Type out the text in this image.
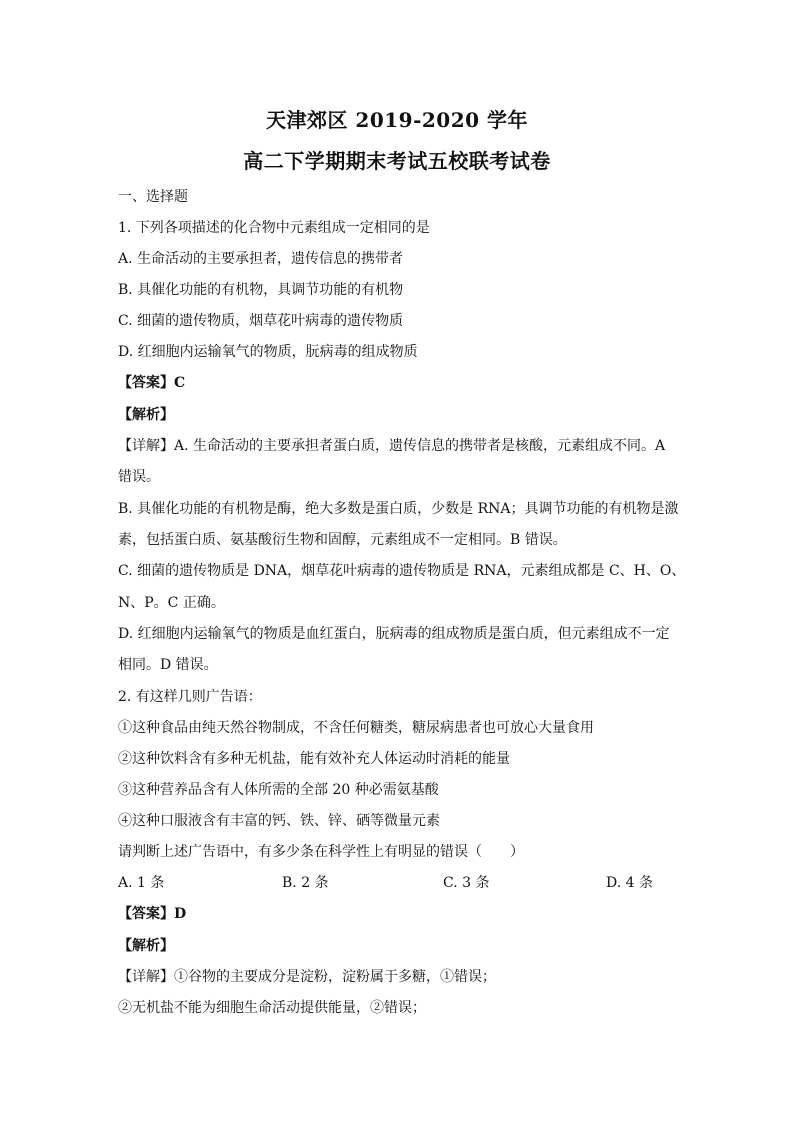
天津郊区 2019-2020 学年
高二下学期期末考试五校联考试卷
一、选择题
1. 下列各项描述的化合物中元素组成一定相同的是
A. 生命活动的主要承担者，遗传信息的携带者
B. 具催化功能的有机物，具调节功能的有机物
C. 细菌的遗传物质，烟草花叶病毒的遗传物质
D. 红细胞内运输氧气的物质，朊病毒的组成物质
【答案】C
【解析】
【详解】A. 生命活动的主要承担者蛋白质，遗传信息的携带者是核酸，元素组成不同。A
错误。
B. 具催化功能的有机物是酶，绝大多数是蛋白质，少数是 RNA；具调节功能的有机物是激
素，包括蛋白质、氨基酸衍生物和固醇，元素组成不一定相同。B 错误。
C. 细菌的遗传物质是 DNA，烟草花叶病毒的遗传物质是 RNA，元素组成都是 C、H、O、
N、P。C 正确。
D. 红细胞内运输氧气的物质是血红蛋白，朊病毒的组成物质是蛋白质，但元素组成不一定
相同。D 错误。
2. 有这样几则广告语：
①这种食品由纯天然谷物制成，不含任何糖类，糖尿病患者也可放心大量食用
②这种饮料含有多种无机盐，能有效补充人体运动时消耗的能量
③这种营养品含有人体所需的全部 20 种必需氨基酸
④这种口服液含有丰富的钙、铁、锌、硒等微量元素
请判断上述广告语中，有多少条在科学性上有明显的错误（　　）
A. 1 条	B. 2 条	C. 3 条	D. 4 条
【答案】D
【解析】
【详解】①谷物的主要成分是淀粉，淀粉属于多糖，①错误；
②无机盐不能为细胞生命活动提供能量，②错误；
